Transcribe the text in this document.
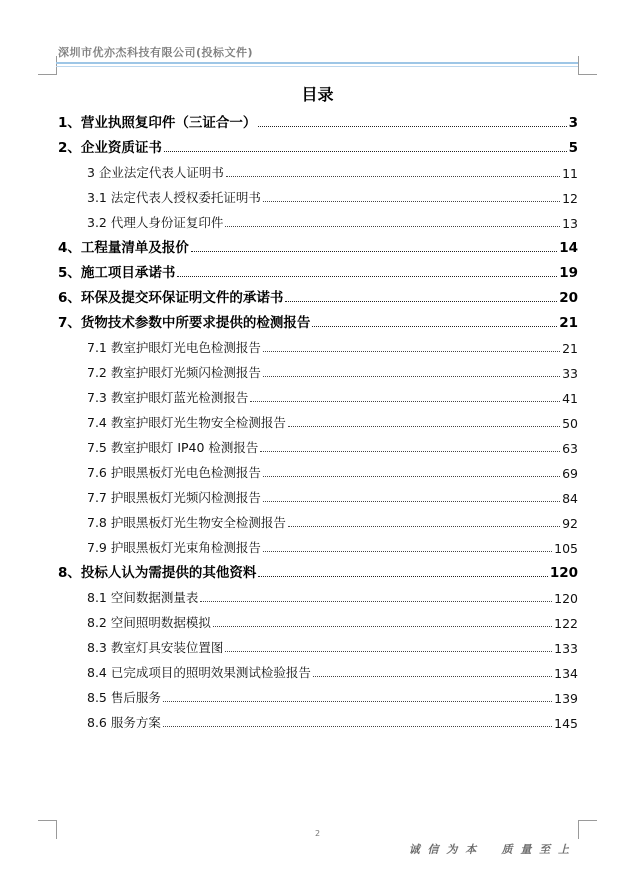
深圳市优亦杰科技有限公司(投标文件)
目录
1、营业执照复印件（三证合一）	3
2、企业资质证书	5
3 企业法定代表人证明书	11
3.1 法定代表人授权委托证明书	12
3.2 代理人身份证复印件	13
4、工程量清单及报价	14
5、施工项目承诺书	19
6、环保及提交环保证明文件的承诺书	20
7、货物技术参数中所要求提供的检测报告	21
7.1 教室护眼灯光电色检测报告	21
7.2 教室护眼灯光频闪检测报告	33
7.3 教室护眼灯蓝光检测报告	41
7.4 教室护眼灯光生物安全检测报告	50
7.5 教室护眼灯 IP40 检测报告	63
7.6 护眼黑板灯光电色检测报告	69
7.7 护眼黑板灯光频闪检测报告	84
7.8 护眼黑板灯光生物安全检测报告	92
7.9 护眼黑板灯光束角检测报告	105
8、投标人认为需提供的其他资料	120
8.1 空间数据测量表	120
8.2 空间照明数据模拟	122
8.3 教室灯具安装位置图	133
8.4 已完成项目的照明效果测试检验报告	134
8.5 售后服务	139
8.6 服务方案	145
2
诚 信 为 本    质 量 至 上
